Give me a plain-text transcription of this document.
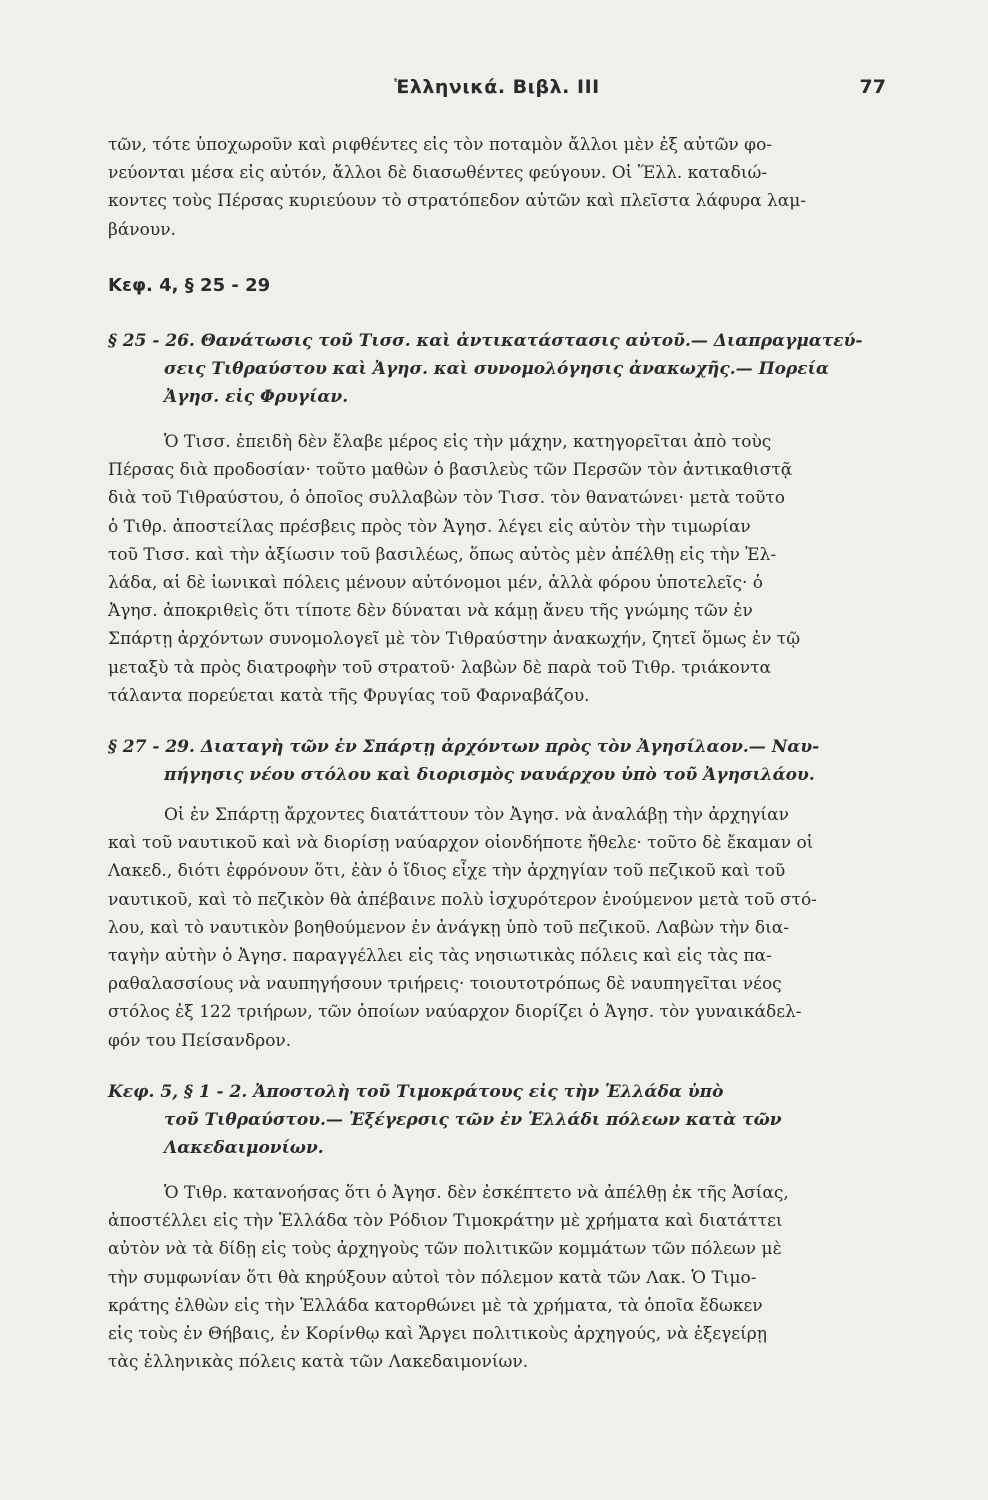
Ἑλληνικά. Βιβλ. III	77
τῶν, τότε ὑποχωροῦν καὶ ριφθέντες εἰς τὸν ποταμὸν ἄλλοι μὲν ἐξ αὐτῶν φο-
νεύονται μέσα εἰς αὐτόν, ἄλλοι δὲ διασωθέντες φεύγουν. Οἱ Ἕλλ. καταδιώ-
κοντες τοὺς Πέρσας κυριεύουν τὸ στρατόπεδον αὐτῶν καὶ πλεῖστα λάφυρα λαμ-
βάνουν.
Κεφ. 4, § 25 - 29
§ 25 - 26. Θανάτωσις τοῦ Τισσ. καὶ ἀντικατάστασις αὐτοῦ.— Διαπραγματεύ-
σεις Τιθραύστου καὶ Ἀγησ. καὶ συνομολόγησις ἀνακωχῆς.— Πορεία
Ἀγησ. εἰς Φρυγίαν.
Ὁ Τισσ. ἐπειδὴ δὲν ἔλαβε μέρος εἰς τὴν μάχην, κατηγορεῖται ἀπὸ τοὺς
Πέρσας διὰ προδοσίαν· τοῦτο μαθὼν ὁ βασιλεὺς τῶν Περσῶν τὸν ἀντικαθιστᾷ
διὰ τοῦ Τιθραύστου, ὁ ὁποῖος συλλαβὼν τὸν Τισσ. τὸν θανατώνει· μετὰ τοῦτο
ὁ Τιθρ. ἀποστείλας πρέσβεις πρὸς τὸν Ἀγησ. λέγει εἰς αὐτὸν τὴν τιμωρίαν
τοῦ Τισσ. καὶ τὴν ἀξίωσιν τοῦ βασιλέως, ὅπως αὐτὸς μὲν ἀπέλθῃ εἰς τὴν Ἑλ-
λάδα, αἱ δὲ ἰωνικαὶ πόλεις μένουν αὐτόνομοι μέν, ἀλλὰ φόρου ὑποτελεῖς· ὁ
Ἀγησ. ἀποκριθεὶς ὅτι τίποτε δὲν δύναται νὰ κάμῃ ἄνευ τῆς γνώμης τῶν ἐν
Σπάρτῃ ἀρχόντων συνομολογεῖ μὲ τὸν Τιθραύστην ἀνακωχήν, ζητεῖ ὅμως ἐν τῷ
μεταξὺ τὰ πρὸς διατροφὴν τοῦ στρατοῦ· λαβὼν δὲ παρὰ τοῦ Τιθρ. τριάκοντα
τάλαντα πορεύεται κατὰ τῆς Φρυγίας τοῦ Φαρναβάζου.
§ 27 - 29. Διαταγὴ τῶν ἐν Σπάρτῃ ἀρχόντων πρὸς τὸν Ἀγησίλαον.— Ναυ-
πήγησις νέου στόλου καὶ διορισμὸς ναυάρχου ὑπὸ τοῦ Ἀγησιλάου.
Οἱ ἐν Σπάρτῃ ἄρχοντες διατάττουν τὸν Ἀγησ. νὰ ἀναλάβῃ τὴν ἀρχηγίαν
καὶ τοῦ ναυτικοῦ καὶ νὰ διορίσῃ ναύαρχον οἱονδήποτε ἤθελε· τοῦτο δὲ ἔκαμαν οἱ
Λακεδ., διότι ἐφρόνουν ὅτι, ἐὰν ὁ ἴδιος εἶχε τὴν ἀρχηγίαν τοῦ πεζικοῦ καὶ τοῦ
ναυτικοῦ, καὶ τὸ πεζικὸν θὰ ἀπέβαινε πολὺ ἰσχυρότερον ἑνούμενον μετὰ τοῦ στό-
λου, καὶ τὸ ναυτικὸν βοηθούμενον ἐν ἀνάγκῃ ὑπὸ τοῦ πεζικοῦ. Λαβὼν τὴν δια-
ταγὴν αὐτὴν ὁ Ἀγησ. παραγγέλλει εἰς τὰς νησιωτικὰς πόλεις καὶ εἰς τὰς πα-
ραθαλασσίους νὰ ναυπηγήσουν τριήρεις· τοιουτοτρόπως δὲ ναυπηγεῖται νέος
στόλος ἐξ 122 τριήρων, τῶν ὁποίων ναύαρχον διορίζει ὁ Ἀγησ. τὸν γυναικάδελ-
φόν του Πείσανδρον.
Κεφ. 5, § 1 - 2. Ἀποστολὴ τοῦ Τιμοκράτους εἰς τὴν Ἑλλάδα ὑπὸ
τοῦ Τιθραύστου.— Ἐξέγερσις τῶν ἐν Ἑλλάδι πόλεων κατὰ τῶν
Λακεδαιμονίων.
Ὁ Τιθρ. κατανοήσας ὅτι ὁ Ἀγησ. δὲν ἐσκέπτετο νὰ ἀπέλθῃ ἐκ τῆς Ἀσίας,
ἀποστέλλει εἰς τὴν Ἑλλάδα τὸν Ρόδιον Τιμοκράτην μὲ χρήματα καὶ διατάττει
αὐτὸν νὰ τὰ δίδῃ εἰς τοὺς ἀρχηγοὺς τῶν πολιτικῶν κομμάτων τῶν πόλεων μὲ
τὴν συμφωνίαν ὅτι θὰ κηρύξουν αὐτοὶ τὸν πόλεμον κατὰ τῶν Λακ. Ὁ Τιμο-
κράτης ἐλθὼν εἰς τὴν Ἑλλάδα κατορθώνει μὲ τὰ χρήματα, τὰ ὁποῖα ἔδωκεν
εἰς τοὺς ἐν Θήβαις, ἐν Κορίνθῳ καὶ Ἄργει πολιτικοὺς ἀρχηγούς, νὰ ἐξεγείρῃ
τὰς ἑλληνικὰς πόλεις κατὰ τῶν Λακεδαιμονίων.
